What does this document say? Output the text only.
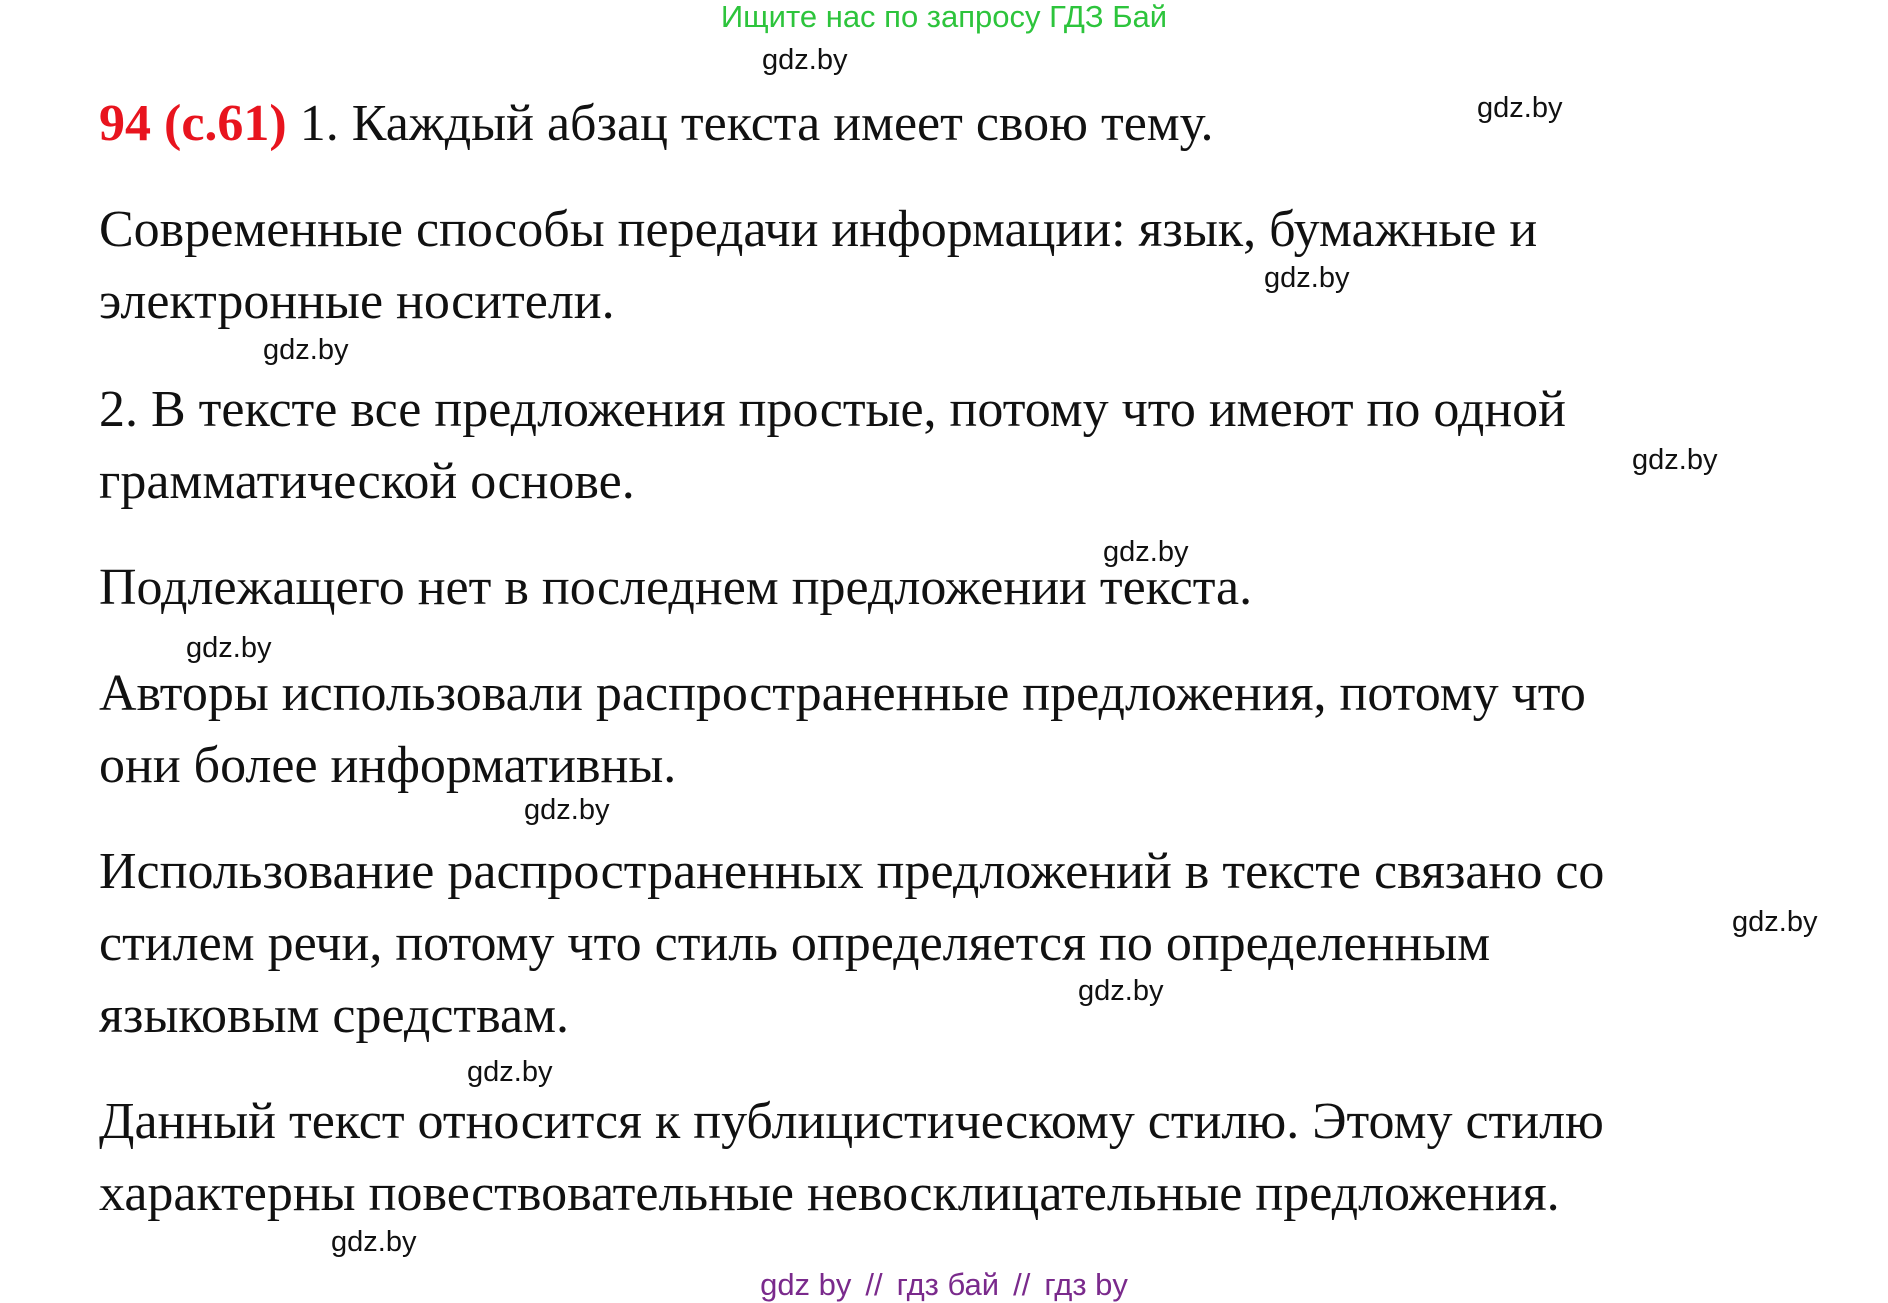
Ищите нас по запросу ГДЗ Бай
gdz.by
gdz.by
gdz.by
gdz.by
gdz.by
gdz.by
gdz.by
gdz.by
gdz.by
gdz.by
gdz.by
gdz.by
94 (с.61) 1. Каждый абзац текста имеет свою тему.
Современные способы передачи информации: язык, бумажные и
электронные носители.
2. В тексте все предложения простые, потому что имеют по одной
грамматической основе.
Подлежащего нет в последнем предложении текста.
Авторы использовали распространенные предложения, потому что
они более информативны.
Использование распространенных предложений в тексте связано со
стилем речи, потому что стиль определяется по определенным
языковым средствам.
Данный текст относится к публицистическому стилю. Этому стилю
характерны повествовательные невосклицательные предложения.
gdz by // гдз бай // гдз by
